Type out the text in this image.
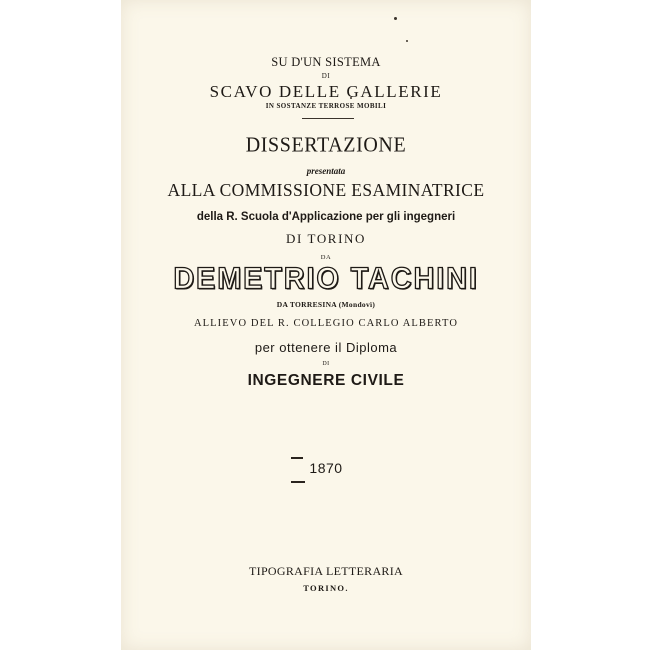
SU D'UN SISTEMA
DI
SCAVO DELLE GALLERIE
IN SOSTANZE TERROSE MOBILI
DISSERTAZIONE
presentata
ALLA COMMISSIONE ESAMINATRICE
della R. Scuola d'Applicazione per gli ingegneri
DI TORINO
DA
DEMETRIO TACHINI
DA TORRESINA (Mondovì)
ALLIEVO DEL R. COLLEGIO CARLO ALBERTO
per ottenere il Diploma
DI
INGEGNERE CIVILE
1870
TIPOGRAFIA LETTERARIA
TORINO.
